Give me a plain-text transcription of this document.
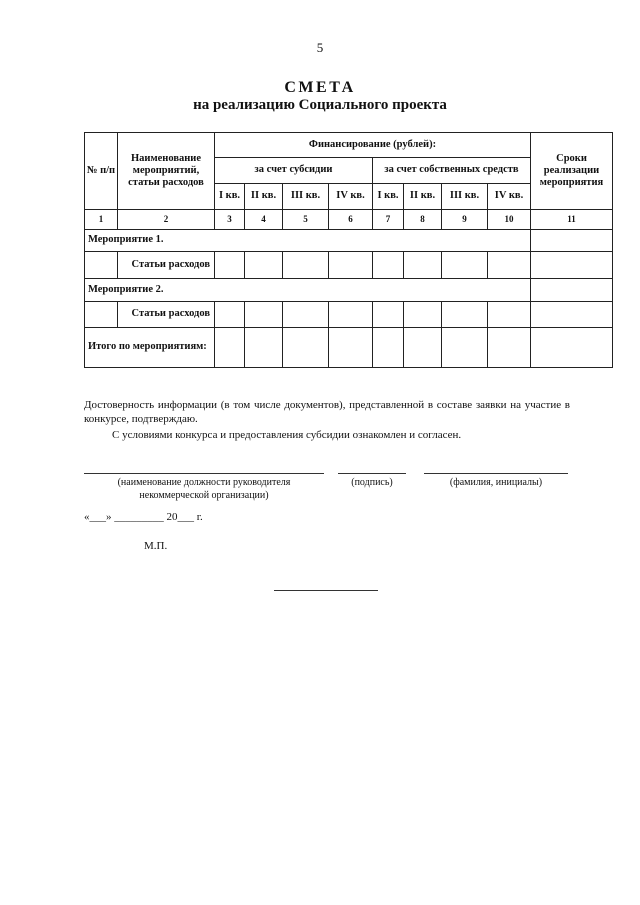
5
СМЕТА
на реализацию Социального проекта
№ п/п	Наименование мероприятий, статьи расходов	Финансирование (рублей):								Сроки реализации мероприятия
		за счет субсидии				за счет собственных средств				
		I кв.	II кв.	III кв.	IV кв.	I кв.	II кв.	III кв.	IV кв.	
1	2	3	4	5	6	7	8	9	10	11
Мероприятие 1.										
	Статьи расходов									
Мероприятие 2.										
	Статьи расходов									
Итого по мероприятиям:										
Достоверность информации (в том числе документов), представленной в составе заявки на участие в конкурсе, подтверждаю.
С условиями конкурса и предоставления субсидии ознакомлен и согласен.
(наименование должности руководителя некоммерческой организации)
(подпись)	(фамилия, инициалы)
«___» _________ 20___ г.
М.П.
